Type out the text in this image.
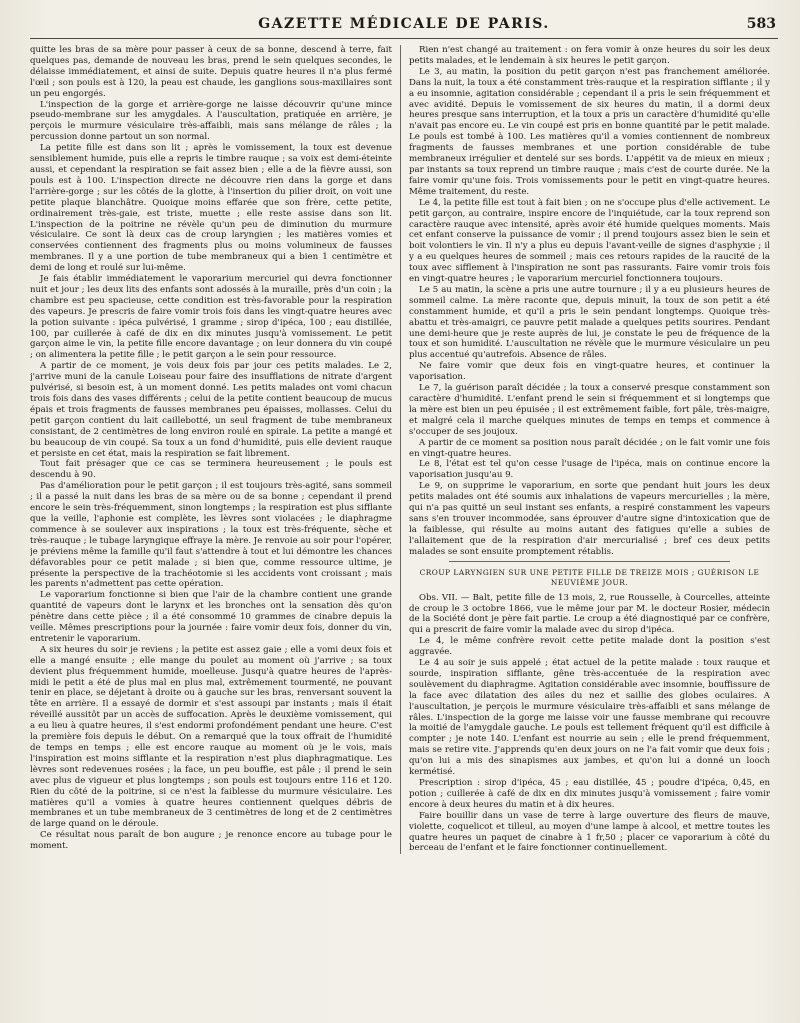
GAZETTE MÉDICALE DE PARIS.	583

quitte les bras de sa mère pour passer à ceux de sa bonne, descend à terre, fait quelques pas, demande de nouveau les bras, prend le sein quelques secondes, le délaisse immédiatement, et ainsi de suite. Depuis quatre heures il n'a plus fermé l'œil ; son pouls est à 120, la peau est chaude, les ganglions sous-maxillaires sont un peu engorgés.

L'inspection de la gorge et arrière-gorge ne laisse découvrir qu'une mince pseudo-membrane sur les amygdales. A l'auscultation, pratiquée en arrière, je perçois le murmure vésiculaire très-affaibli, mais sans mélange de râles ; la percussion donne partout un son normal.

La petite fille est dans son lit ; après le vomissement, la toux est devenue sensiblement humide, puis elle a repris le timbre rauque ; sa voix est demi-éteinte aussi, et cependant la respiration se fait assez bien ; elle a de la fièvre aussi, son pouls est à 100. L'inspection directe ne découvre rien dans la gorge et dans l'arrière-gorge ; sur les côtés de la glotte, à l'insertion du pilier droit, on voit une petite plaque blanchâtre. Quoique moins effarée que son frère, cette petite, ordinairement très-gaie, est triste, muette ; elle reste assise dans son lit. L'inspection de la poitrine ne révèle qu'un peu de diminution du murmure vésiculaire. Ce sont là deux cas de croup laryngien ; les matières vomies et conservées contiennent des fragments plus ou moins volumineux de fausses membranes. Il y a une portion de tube membraneux qui a bien 1 centimètre et demi de long et roulé sur lui-même.

Je fais établir immédiatement le vaporarium mercuriel qui devra fonctionner nuit et jour ; les deux lits des enfants sont adossés à la muraille, près d'un coin ; la chambre est peu spacieuse, cette condition est très-favorable pour la respiration des vapeurs. Je prescris de faire vomir trois fois dans les vingt-quatre heures avec la potion suivante : ipéca pulvérisé, 1 gramme ; sirop d'ipéca, 100 ; eau distillée, 100, par cuillerée à café de dix en dix minutes jusqu'à vomissement. Le petit garçon aime le vin, la petite fille encore davantage ; on leur donnera du vin coupé ; on alimentera la petite fille ; le petit garçon a le sein pour ressource.

A partir de ce moment, je vois deux fois par jour ces petits malades. Le 2, j'arrive muni de la canule Loiseau pour faire des insufflations de nitrate d'argent pulvérisé, si besoin est, à un moment donné. Les petits malades ont vomi chacun trois fois dans des vases différents ; celui de la petite contient beaucoup de mucus épais et trois fragments de fausses membranes peu épaisses, mollasses. Celui du petit garçon contient du lait caillebotté, un seul fragment de tube membraneux consistant, de 2 centimètres de long environ roulé en spirale. La petite a mangé et bu beaucoup de vin coupé. Sa toux a un fond d'humidité, puis elle devient rauque et persiste en cet état, mais la respiration se fait librement.

Tout fait présager que ce cas se terminera heureusement ; le pouls est descendu à 90.

Pas d'amélioration pour le petit garçon ; il est toujours très-agité, sans sommeil ; il a passé la nuit dans les bras de sa mère ou de sa bonne ; cependant il prend encore le sein très-fréquemment, sinon longtemps ; la respiration est plus sifflante que la veille, l'aphonie est complète, les lèvres sont violacées ; le diaphragme commence à se soulever aux inspirations ; la toux est très-fréquente, sèche et très-rauque ; le tubage laryngique effraye la mère. Je renvoie au soir pour l'opérer, je préviens même la famille qu'il faut s'attendre à tout et lui démontre les chances défavorables pour ce petit malade ; si bien que, comme ressource ultime, je présente la perspective de la trachéotomie si les accidents vont croissant ; mais les parents n'admettent pas cette opération.

Le vaporarium fonctionne si bien que l'air de la chambre contient une grande quantité de vapeurs dont le larynx et les bronches ont la sensation dès qu'on pénètre dans cette pièce ; il a été consommé 10 grammes de cinabre depuis la veille. Mêmes prescriptions pour la journée : faire vomir deux fois, donner du vin, entretenir le vaporarium.

A six heures du soir je reviens ; la petite est assez gaie ; elle a vomi deux fois et elle a mangé ensuite ; elle mange du poulet au moment où j'arrive ; sa toux devient plus fréquemment humide, moelleuse. Jusqu'à quatre heures de l'après-midi le petit a été de plus mal en plus mal, extrêmement tourmenté, ne pouvant tenir en place, se déjetant à droite ou à gauche sur les bras, renversant souvent la tête en arrière. Il a essayé de dormir et s'est assoupi par instants ; mais il était réveillé aussitôt par un accès de suffocation. Après le deuxième vomissement, qui a eu lieu à quatre heures, il s'est endormi profondément pendant une heure. C'est la première fois depuis le début. On a remarqué que la toux offrait de l'humidité de temps en temps ; elle est encore rauque au moment où je le vois, mais l'inspiration est moins sifflante et la respiration n'est plus diaphragmatique. Les lèvres sont redevenues rosées ; la face, un peu bouffie, est pâle ; il prend le sein avec plus de vigueur et plus longtemps ; son pouls est toujours entre 116 et 120. Rien du côté de la poitrine, si ce n'est la faiblesse du murmure vésiculaire. Les matières qu'il a vomies à quatre heures contiennent quelques débris de membranes et un tube membraneux de 3 centimètres de long et de 2 centimètres de large quand on le déroule.

Ce résultat nous paraît de bon augure ; je renonce encore au tubage pour le moment.

Rien n'est changé au traitement : on fera vomir à onze heures du soir les deux petits malades, et le lendemain à six heures le petit garçon.

Le 3, au matin, la position du petit garçon n'est pas franchement améliorée. Dans la nuit, la toux a été constamment très-rauque et la respiration sifflante ; il y a eu insomnie, agitation considérable ; cependant il a pris le sein fréquemment et avec avidité. Depuis le vomissement de six heures du matin, il a dormi deux heures presque sans interruption, et la toux a pris un caractère d'humidité qu'elle n'avait pas encore eu. Le vin coupé est pris en bonne quantité par le petit malade. Le pouls est tombé à 100. Les matières qu'il a vomies contiennent de nombreux fragments de fausses membranes et une portion considérable de tube membraneux irrégulier et dentelé sur ses bords. L'appétit va de mieux en mieux ; par instants sa toux reprend un timbre rauque ; mais c'est de courte durée. Ne la faire vomir qu'une fois. Trois vomissements pour le petit en vingt-quatre heures. Même traitement, du reste.

Le 4, la petite fille est tout à fait bien ; on ne s'occupe plus d'elle activement. Le petit garçon, au contraire, inspire encore de l'inquiétude, car la toux reprend son caractère rauque avec intensité, après avoir été humide quelques moments. Mais cet enfant conserve la puissance de vomir ; il prend toujours assez bien le sein et boit volontiers le vin. Il n'y a plus eu depuis l'avant-veille de signes d'asphyxie ; il y a eu quelques heures de sommeil ; mais ces retours rapides de la raucité de la toux avec sifflement à l'inspiration ne sont pas rassurants. Faire vomir trois fois en vingt-quatre heures ; le vaporarium mercuriel fonctionnera toujours.

Le 5 au matin, la scène a pris une autre tournure ; il y a eu plusieurs heures de sommeil calme. La mère raconte que, depuis minuit, la toux de son petit a été constamment humide, et qu'il a pris le sein pendant longtemps. Quoique très-abattu et très-amaigri, ce pauvre petit malade a quelques petits sourires. Pendant une demi-heure que je reste auprès de lui, je constate le peu de fréquence de la toux et son humidité. L'auscultation ne révèle que le murmure vésiculaire un peu plus accentué qu'autrefois. Absence de râles.

Ne faire vomir que deux fois en vingt-quatre heures, et continuer la vaporisation.

Le 7, la guérison paraît décidée ; la toux a conservé presque constamment son caractère d'humidité. L'enfant prend le sein si fréquemment et si longtemps que la mère est bien un peu épuisée ; il est extrêmement faible, fort pâle, très-maigre, et malgré cela il marche quelques minutes de temps en temps et commence à s'occuper de ses joujoux.

A partir de ce moment sa position nous paraît décidée ; on le fait vomir une fois en vingt-quatre heures.

Le 8, l'état est tel qu'on cesse l'usage de l'ipéca, mais on continue encore la vaporisation jusqu'au 9.

Le 9, on supprime le vaporarium, en sorte que pendant huit jours les deux petits malades ont été soumis aux inhalations de vapeurs mercurielles ; la mère, qui n'a pas quitté un seul instant ses enfants, a respiré constamment les vapeurs sans s'en trouver incommodée, sans éprouver d'autre signe d'intoxication que de la faiblesse, qui résulte au moins autant des fatigues qu'elle a subies de l'allaitement que de la respiration d'air mercurialisé ; bref ces deux petits malades se sont ensuite promptement rétablis.

CROUP LARYNGIEN SUR UNE PETITE FILLE DE TREIZE MOIS ; GUÉRISON LE NEUVIÈME JOUR.

Obs. VII. — Balt, petite fille de 13 mois, 2, rue Rousselle, à Courcelles, atteinte de croup le 3 octobre 1866, vue le même jour par M. le docteur Rosier, médecin de la Société dont je père fait partie. Le croup a été diagnostiqué par ce confrère, qui a prescrit de faire vomir la malade avec du sirop d'ipéca.

Le 4, le même confrère revoit cette petite malade dont la position s'est aggravée.

Le 4 au soir je suis appelé ; état actuel de la petite malade : toux rauque et sourde, inspiration sifflante, gêne très-accentuée de la respiration avec soulèvement du diaphragme. Agitation considérable avec insomnie, bouffissure de la face avec dilatation des ailes du nez et saillie des globes oculaires. A l'auscultation, je perçois le murmure vésiculaire très-affaibli et sans mélange de râles. L'inspection de la gorge me laisse voir une fausse membrane qui recouvre la moitié de l'amygdale gauche. Le pouls est tellement fréquent qu'il est difficile à compter ; je note 140. L'enfant est nourrie au sein ; elle le prend fréquemment, mais se retire vite. J'apprends qu'en deux jours on ne l'a fait vomir que deux fois ; qu'on lui a mis des sinapismes aux jambes, et qu'on lui a donné un looch kermétisé.

Prescription : sirop d'ipéca, 45 ; eau distillée, 45 ; poudre d'ipéca, 0,45, en potion ; cuillerée à café de dix en dix minutes jusqu'à vomissement ; faire vomir encore à deux heures du matin et à dix heures.

Faire bouillir dans un vase de terre à large ouverture des fleurs de mauve, violette, coquelicot et tilleul, au moyen d'une lampe à alcool, et mettre toutes les quatre heures un paquet de cinabre à 1 fr,50 ; placer ce vaporarium à côté du berceau de l'enfant et le faire fonctionner continuellement.
